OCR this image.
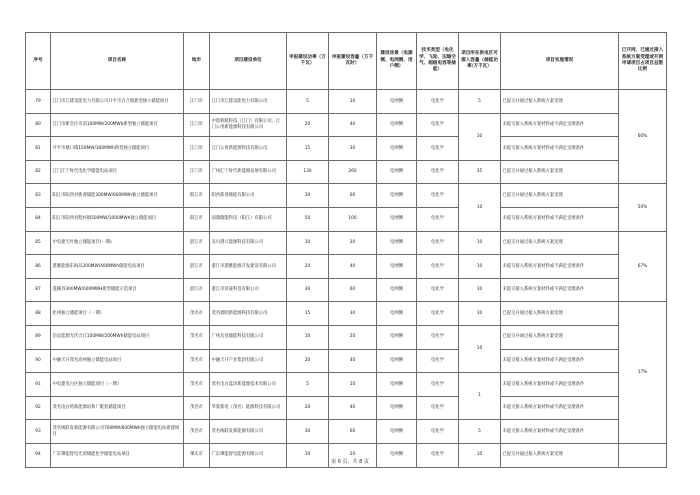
序号	项目名称	地市	项目建设单位	申报建设功率（万千瓦）	申报建设容量（万千瓦时）	建设场景（电源侧、电网侧、用户侧）	技术类型（电化学、飞轮、压缩空气、超级电容等储能）	项目所在供电区可接入容量（储能功率/万千瓦）	项目实施情况	已开网、已通过接入系统方案受理或开网申请项目占项目总数比例
79	江门市江建美能电力有限公司开平市百合镇新型独立储能项目	江门市	江门市江建美能电力有限公司	5	10	电网侧	电化学	5	已提交并通过接入系统方案受理	60%
80	江门市新会区司前100MW/200MWh新型独立储能项目	江门市	中创新航科技（江门）有限公司、江门公用新能源科技有限公司	20	40	电网侧	电化学	10	未提交接入系统方案材料或不满足受理条件	
81	开平市塘口镇150MW/300MWh新型独立储能项目	江门市	江门公用新能源科技有限公司	15	30	电网侧	电化学		未提交接入系统方案材料或不满足受理条件	
82	江门江宁时代电化学储能电站项目	江门市	广州汇宁时代新能源发展有限公司	130	260	电网侧	电化学	35	已提交并通过接入系统方案受理	
83	阳江市阳西县新睿储能300MW/600MWh独立储能项目	阳江市	阳西新睿储能有限公司	30	60	电网侧	电化学	10	已提交并通过接入系统方案受理	50%
84	阳江市阳西县程村镇500MW/1000MWh独立储能项目	阳江市	国鼎储能科技（阳江）有限公司	50	100	电网侧	电化学		未提交接入系统方案材料或不满足受理条件	
85	中电建天叶独立储能项目(一期)	湛江市	吴川港口能源科技有限公司	10	20	电网侧	电化学	10	已提交并通过接入系统方案受理	67%
86	湛雅能源东海岛200MW/400MWh储能电站项目	湛江市	湛江市湛雅能源开发建设有限公司	20	40	电网侧	电化学	10	未提交接入系统方案材料或不满足受理条件	
87	遂溪县300MW/600MWH新型储能示范项目	湛江市	湛江市泽晟科技有限公司	30	60	电网侧	电化学	10	未提交接入系统方案材料或不满足受理条件	
88	化州独立储能项目（一期）	茂名市	茂名鼎昭新能源科技有限公司	15	30	电网侧	电化学	10	已提交并通过接入系统方案受理	17%
89	信宜能源光伏合江100MW/200MWh储能电站项目	茂名市	广州岳登储能科技有限公司	10	20	电网侧	电化学	10	已提交并通过接入系统方案受理	
90	中融天开茂名高州独立储能电站项目	茂名市	中融天开产业集团有限公司	20	40	电网侧	电化学		未提交接入系统方案材料或不满足受理条件	
91	中电建电白区独立储能项目（一期）	茂名市	茂名电白蓝泽新能源技术有限公司	5	10	电网侧	电化学	1	未提交接入系统方案材料或不满足受理条件	
92	茂名电白湾新能源站和厂配套储能项目	茂名市	华夏新电（茂名）能源科技有限公司	20	40	电网侧	电化学		未提交接入系统方案材料或不满足受理条件	
93	茂名统联发新能源有限公司700MW/600MWh独立储能电站新建项目	茂名市	茂名统联发新能源有限公司	30	60	电网侧	电化学	5	未提交接入系统方案材料或不满足受理条件	
94	广东肇能智电光荷储能化学储能电站项目	肇庆市	广东肇能智电能源有限公司	10	20	电网侧	电化学	10	已提交并通过接入系统方案受理	
第 6 页，共 8 页
